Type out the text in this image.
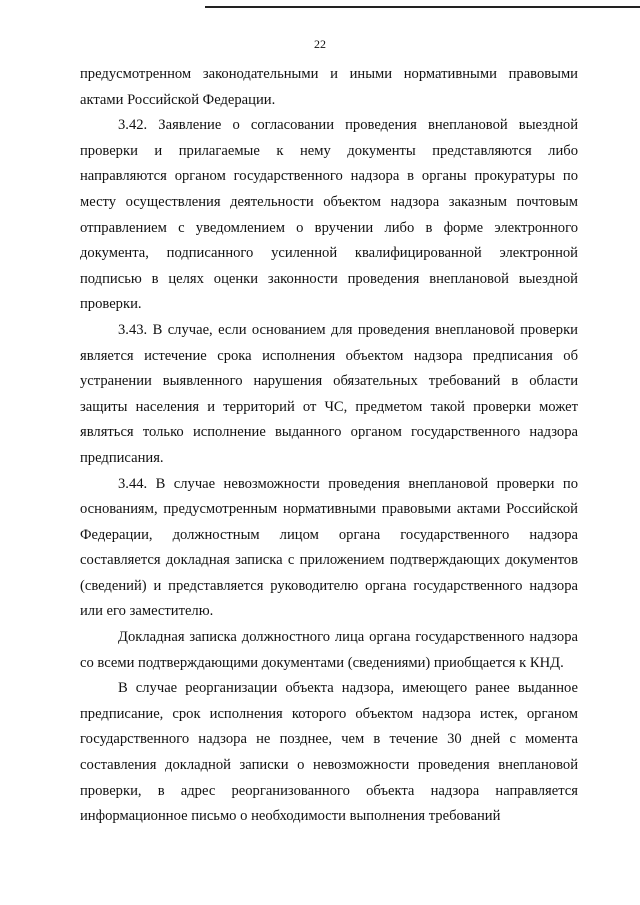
22

предусмотренном законодательными и иными нормативными правовыми актами Российской Федерации.

3.42. Заявление о согласовании проведения внеплановой выездной проверки и прилагаемые к нему документы представляются либо направляются органом государственного надзора в органы прокуратуры по месту осуществления деятельности объектом надзора заказным почтовым отправлением с уведомлением о вручении либо в форме электронного документа, подписанного усиленной квалифицированной электронной подписью в целях оценки законности проведения внеплановой выездной проверки.

3.43. В случае, если основанием для проведения внеплановой проверки является истечение срока исполнения объектом надзора предписания об устранении выявленного нарушения обязательных требований в области защиты населения и территорий от ЧС, предметом такой проверки может являться только исполнение выданного органом государственного надзора предписания.

3.44. В случае невозможности проведения внеплановой проверки по основаниям, предусмотренным нормативными правовыми актами Российской Федерации, должностным лицом органа государственного надзора составляется докладная записка с приложением подтверждающих документов (сведений) и представляется руководителю органа государственного надзора или его заместителю.

Докладная записка должностного лица органа государственного надзора со всеми подтверждающими документами (сведениями) приобщается к КНД.

В случае реорганизации объекта надзора, имеющего ранее выданное предписание, срок исполнения которого объектом надзора истек, органом государственного надзора не позднее, чем в течение 30 дней с момента составления докладной записки о невозможности проведения внеплановой проверки, в адрес реорганизованного объекта надзора направляется информационное письмо о необходимости выполнения требований
